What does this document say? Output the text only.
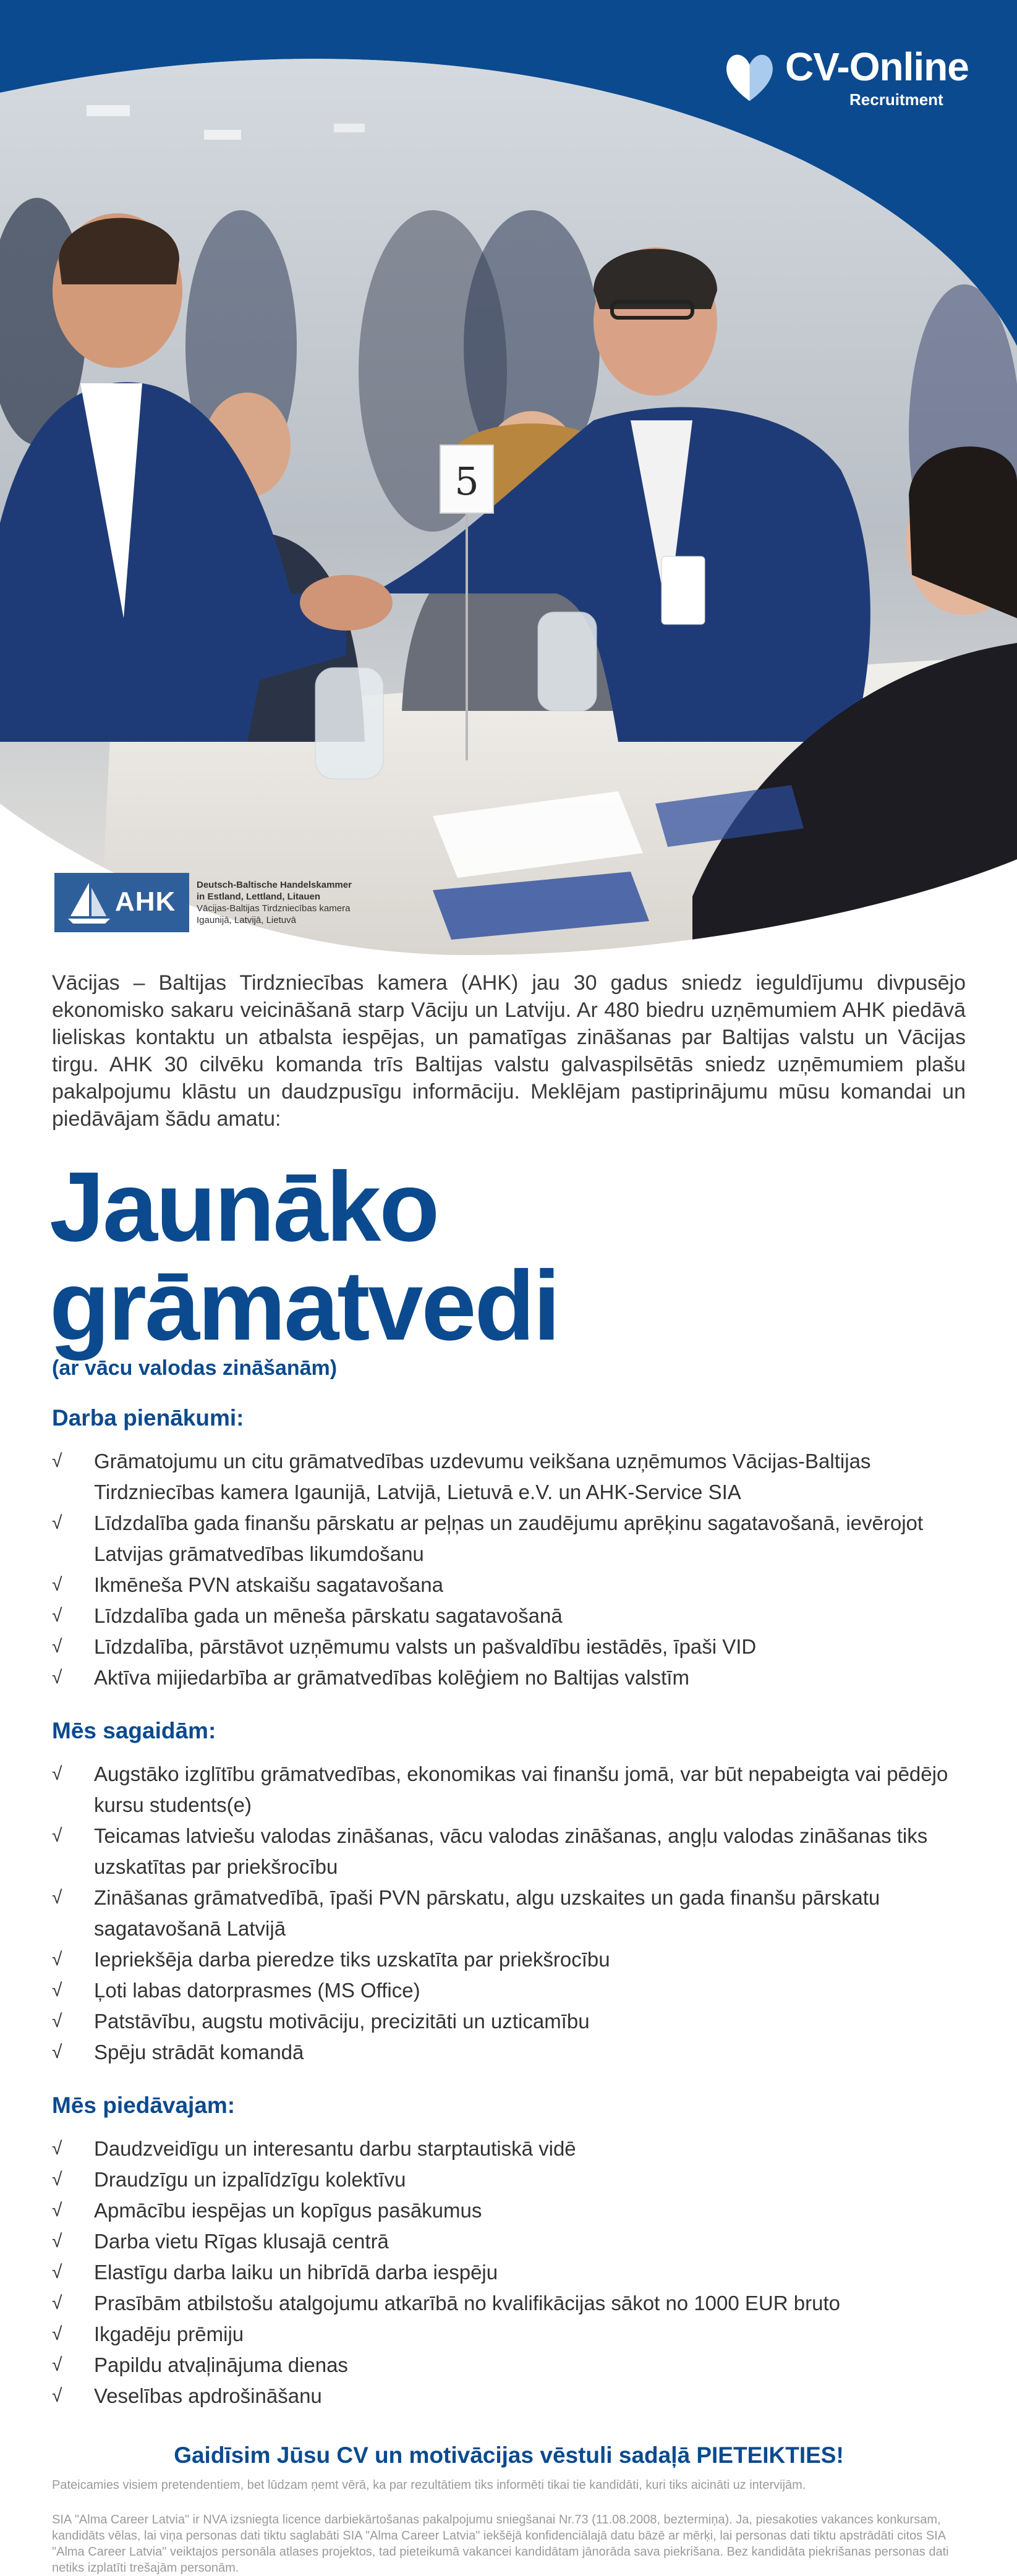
5
CV-Online
Recruitment
AHK
Deutsch-Baltische Handelskammer
in Estland, Lettland, Litauen
Vācijas-Baltijas Tirdzniecības kamera
Igaunijā, Latvijā, Lietuvā

Vācijas – Baltijas Tirdzniecības kamera (AHK) jau 30 gadus sniedz ieguldījumu divpusējo ekonomisko sakaru veicināšanā starp Vāciju un Latviju. Ar 480 biedru uzņēmumiem AHK piedāvā lieliskas kontaktu un atbalsta iespējas, un pamatīgas zināšanas par Baltijas valstu un Vācijas tirgu. AHK 30 cilvēku komanda trīs Baltijas valstu galvaspilsētās sniedz uzņēmumiem plašu pakalpojumu klāstu un daudzpusīgu informāciju. Meklējam pastiprinājumu mūsu komandai un piedāvājam šādu amatu:

Jaunāko grāmatvedi
(ar vācu valodas zināšanām)
Darba pienākumi:
√ Grāmatojumu un citu grāmatvedības uzdevumu veikšana uzņēmumos Vācijas-Baltijas Tirdzniecības kamera Igaunijā, Latvijā, Lietuvā e.V. un AHK-Service SIA
√ Līdzdalība gada finanšu pārskatu ar peļņas un zaudējumu aprēķinu sagatavošanā, ievērojot Latvijas grāmatvedības likumdošanu
√ Ikmēneša PVN atskaišu sagatavošana
√ Līdzdalība gada un mēneša pārskatu sagatavošanā
√ Līdzdalība, pārstāvot uzņēmumu valsts un pašvaldību iestādēs, īpaši VID
√ Aktīva mijiedarbība ar grāmatvedības kolēģiem no Baltijas valstīm
Mēs sagaidām:
√ Augstāko izglītību grāmatvedības, ekonomikas vai finanšu jomā, var būt nepabeigta vai pēdējo kursu students(e)
√ Teicamas latviešu valodas zināšanas, vācu valodas zināšanas, angļu valodas zināšanas tiks uzskatītas par priekšrocību
√ Zināšanas grāmatvedībā, īpaši PVN pārskatu, algu uzskaites un gada finanšu pārskatu sagatavošanā Latvijā
√ Iepriekšēja darba pieredze tiks uzskatīta par priekšrocību
√ Ļoti labas datorprasmes (MS Office)
√ Patstāvību, augstu motivāciju, precizitāti un uzticamību
√ Spēju strādāt komandā
Mēs piedāvajam:
√ Daudzveidīgu un interesantu darbu starptautiskā vidē
√ Draudzīgu un izpalīdzīgu kolektīvu
√ Apmācību iespējas un kopīgus pasākumus
√ Darba vietu Rīgas klusajā centrā
√ Elastīgu darba laiku un hibrīdā darba iespēju
√ Prasībām atbilstošu atalgojumu atkarībā no kvalifikācijas sākot no 1000 EUR bruto
√ Ikgadēju prēmiju
√ Papildu atvaļinājuma dienas
√ Veselības apdrošināšanu
Gaidīsim Jūsu CV un motivācijas vēstuli sadaļā PIETEIKTIES!
Pateicamies visiem pretendentiem, bet lūdzam ņemt vērā, ka par rezultātiem tiks informēti tikai tie kandidāti, kuri tiks aicināti uz intervijām.
SIA "Alma Career Latvia" ir NVA izsniegta licence darbiekārtošanas pakalpojumu sniegšanai Nr.73 (11.08.2008, beztermiņa). Ja, piesakoties vakances konkursam, kandidāts vēlas, lai viņa personas dati tiktu saglabāti SIA "Alma Career Latvia" iekšējā konfidenciālajā datu bāzē ar mērķi, lai personas dati tiktu apstrādāti citos SIA "Alma Career Latvia" veiktajos personāla atlases projektos, tad pieteikumā vakancei kandidātam jānorāda sava piekrišana. Bez kandidāta piekrišanas personas dati netiks izplatīti trešajām personām.
